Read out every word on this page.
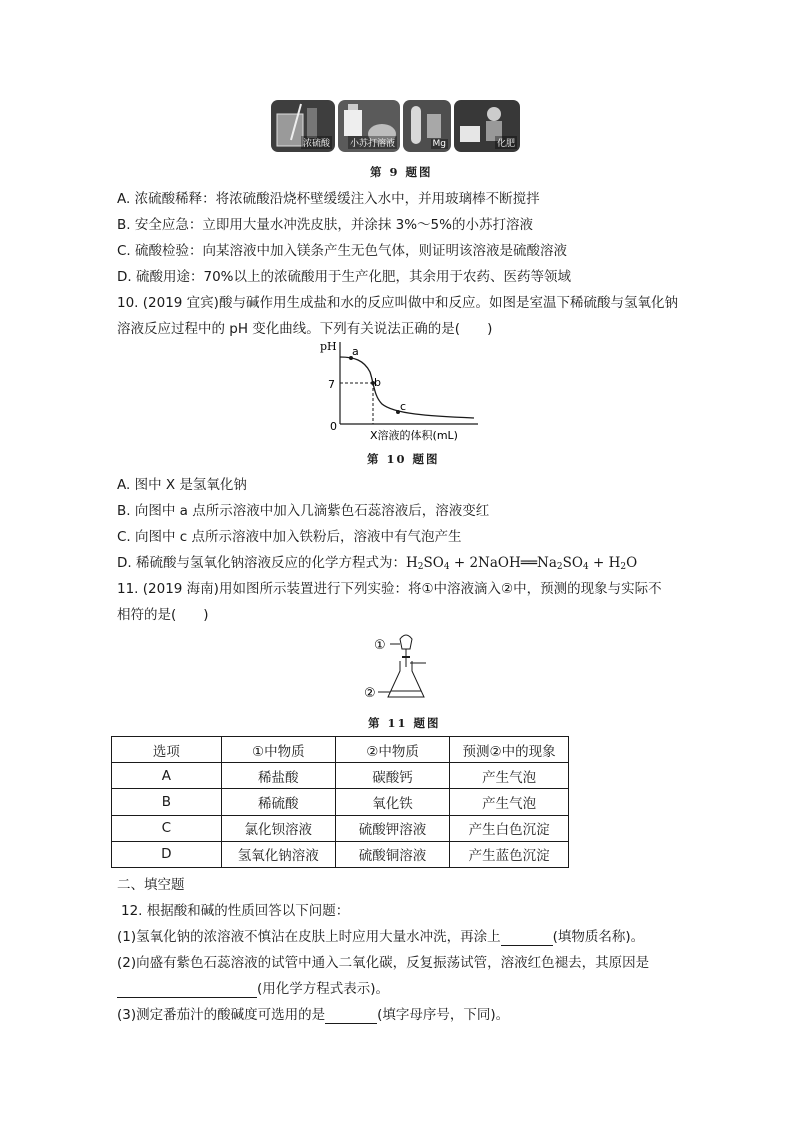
浓硫酸 小苏打溶液	Mg	化肥
第 9 题图
A. 浓硫酸稀释：将浓硫酸沿烧杯壁缓缓注入水中，并用玻璃棒不断搅拌
B. 安全应急：立即用大量水冲洗皮肤，并涂抹 3%～5%的小苏打溶液
C. 硫酸检验：向某溶液中加入镁条产生无色气体，则证明该溶液是硫酸溶液
D. 硫酸用途：70%以上的浓硫酸用于生产化肥，其余用于农药、医药等领域
10. (2019 宜宾)酸与碱作用生成盐和水的反应叫做中和反应。如图是室温下稀硫酸与氢氧化钠
溶液反应过程中的 pH 变化曲线。下列有关说法正确的是(　　)
pH
7
0
a
b
c
X溶液的体积(mL)
第 10 题图
A. 图中 X 是氢氧化钠
B. 向图中 a 点所示溶液中加入几滴紫色石蕊溶液后，溶液变红
C. 向图中 c 点所示溶液中加入铁粉后，溶液中有气泡产生
D. 稀硫酸与氢氧化钠溶液反应的化学方程式为：$H_2SO_4$ + $2NaOH══Na_2SO_4 + H_2O$
11. (2019 海南)用如图所示装置进行下列实验：将①中溶液滴入②中，预测的现象与实际不
相符的是(　　)
①
②
第 11 题图
选项	①中物质	②中物质	预测②中的现象
A	稀盐酸	碳酸钙	产生气泡
B	稀硫酸	氧化铁	产生气泡
C	氯化钡溶液	硫酸钾溶液	产生白色沉淀
D	氢氧化钠溶液	硫酸铜溶液	产生蓝色沉淀
二、填空题
12. 根据酸和碱的性质回答以下问题：
(1)氢氧化钠的浓溶液不慎沾在皮肤上时应用大量水冲洗，再涂上	(填物质名称)。
(2)向盛有紫色石蕊溶液的试管中通入二氧化碳，反复振荡试管，溶液红色褪去，其原因是
(用化学方程式表示)。
(3)测定番茄汁的酸碱度可选用的是	(填字母序号，下同)。
